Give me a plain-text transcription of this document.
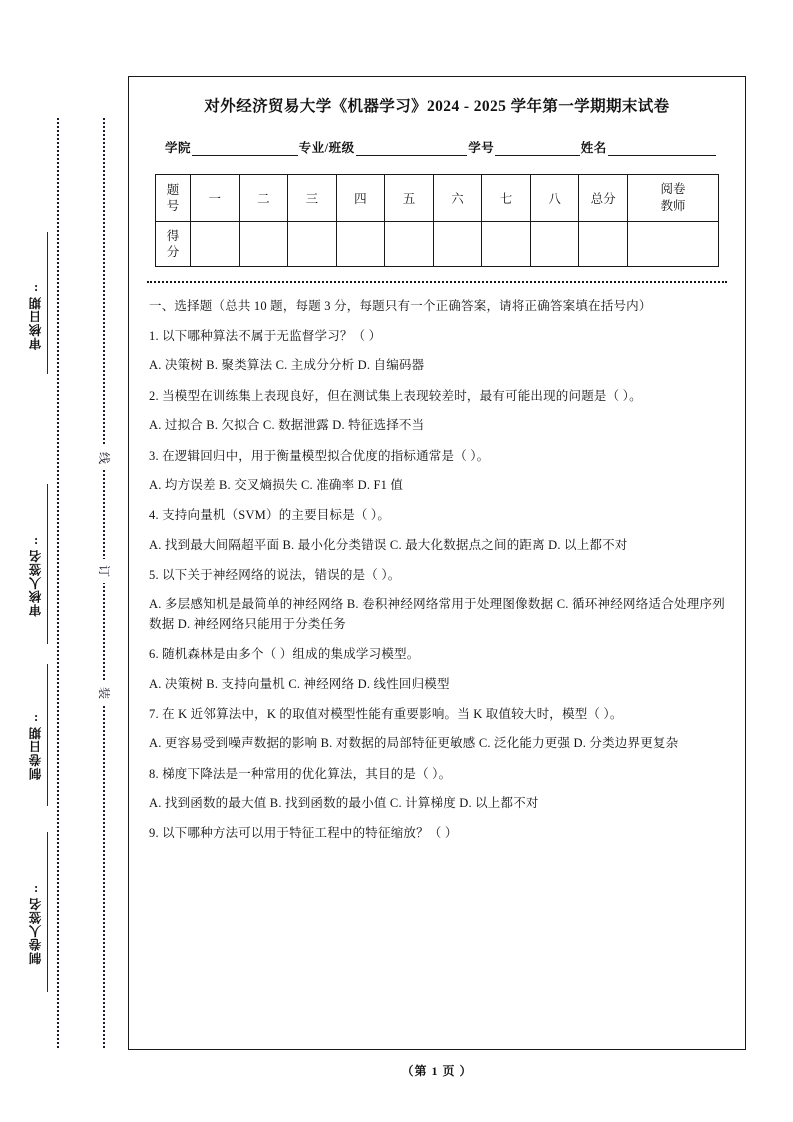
线
订
装
审核日期:
审核人签名:
制卷日期:
制卷人签名:
对外经济贸易大学《机器学习》2024 - 2025 学年第一学期期末试卷
学院	专业/班级	学号	姓名
题号	一	二	三	四	五	六	七	八	总分	阅卷
教师

得分										

一、选择题（总共 10 题，每题 3 分，每题只有一个正确答案，请将正确答案填在括号内）
1. 以下哪种算法不属于无监督学习？（ ）
A. 决策树 B. 聚类算法 C. 主成分分析 D. 自编码器
2. 当模型在训练集上表现良好，但在测试集上表现较差时，最有可能出现的问题是（ ）。
A. 过拟合 B. 欠拟合 C. 数据泄露 D. 特征选择不当
3. 在逻辑回归中，用于衡量模型拟合优度的指标通常是（ ）。
A. 均方误差 B. 交叉熵损失 C. 准确率 D. F1 值
4. 支持向量机（SVM）的主要目标是（ ）。
A. 找到最大间隔超平面 B. 最小化分类错误 C. 最大化数据点之间的距离 D. 以上都不对
5. 以下关于神经网络的说法，错误的是（ ）。
A. 多层感知机是最简单的神经网络 B. 卷积神经网络常用于处理图像数据 C. 循环神经网络适合处理序列数据 D. 神经网络只能用于分类任务
6. 随机森林是由多个（ ）组成的集成学习模型。
A. 决策树 B. 支持向量机 C. 神经网络 D. 线性回归模型
7. 在 K 近邻算法中，K 的取值对模型性能有重要影响。当 K 取值较大时，模型（ ）。
A. 更容易受到噪声数据的影响 B. 对数据的局部特征更敏感 C. 泛化能力更强 D. 分类边界更复杂
8. 梯度下降法是一种常用的优化算法，其目的是（ ）。
A. 找到函数的最大值 B. 找到函数的最小值 C. 计算梯度 D. 以上都不对
9. 以下哪种方法可以用于特征工程中的特征缩放？（ ）
（第 1 页 ）
